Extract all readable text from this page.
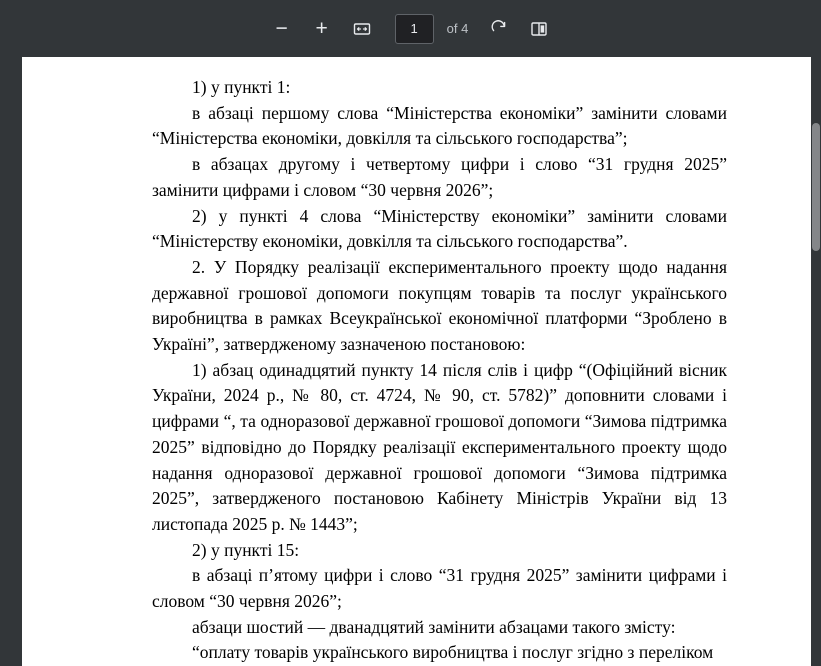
− +	1	of 4

1) у пункті 1:

в абзаці першому слова “Міністерства економіки” замінити словами “Міністерства економіки, довкілля та сільського господарства”;

в абзацах другому і четвертому цифри і слово “31 грудня 2025” замінити цифрами і словом “30 червня 2026”;

2) у пункті 4 слова “Міністерству економіки” замінити словами “Міністерству економіки, довкілля та сільського господарства”.

2. У Порядку реалізації експериментального проекту щодо надання державної грошової допомоги покупцям товарів та послуг українського виробництва в рамках Всеукраїнської економічної платформи “Зроблено в Україні”, затвердженому зазначеною постановою:

1) абзац одинадцятий пункту 14 після слів і цифр “(Офіційний вісник України, 2024 р., № 80, ст. 4724, № 90, ст. 5782)” доповнити словами і цифрами “, та одноразової державної грошової допомоги “Зимова підтримка 2025” відповідно до Порядку реалізації експериментального проекту щодо надання одноразової державної грошової допомоги “Зимова підтримка 2025”, затвердженого постановою Кабінету Міністрів України від 13 листопада 2025 р. № 1443”;

2) у пункті 15:

в абзаці п’ятому цифри і слово “31 грудня 2025” замінити цифрами і словом “30 червня 2026”;

абзаци шостий — дванадцятий замінити абзацами такого змісту:

“оплату товарів українського виробництва і послуг згідно з переліком
